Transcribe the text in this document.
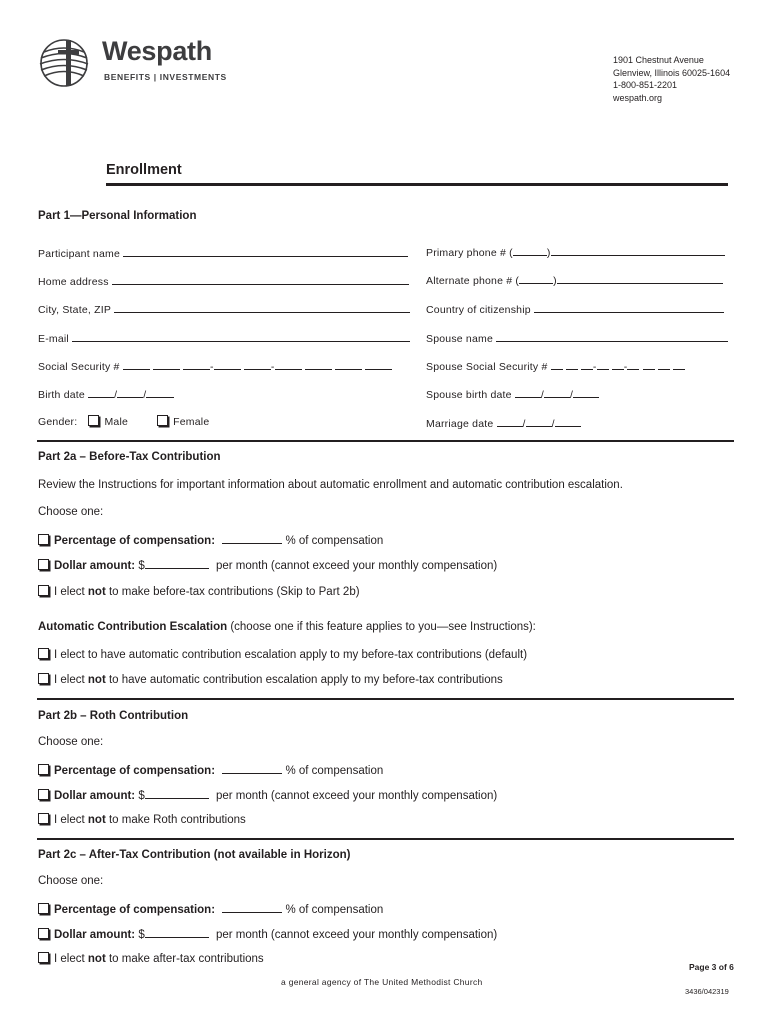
Wespath
BENEFITS | INVESTMENTS
1901 Chestnut Avenue
Glenview, Illinois 60025-1604
1-800-851-2201
wespath.org
Enrollment
Part 1—Personal Information
Participant name
Home address
City, State, ZIP
E-mail
Social Security #	-	-
Birth date	/ /
Gender:	Male	Female
Primary phone # (	)
Alternate phone # (	)
Country of citizenship
Spouse name
Spouse Social Security #	-	-
Spouse birth date	/ /
Marriage date	/ /
Part 2a – Before-Tax Contribution
Review the Instructions for important information about automatic enrollment and automatic contribution escalation.
Choose one:
Percentage of compensation:	% of compensation
Dollar amount: $	per month (cannot exceed your monthly compensation)
I elect not to make before-tax contributions (Skip to Part 2b)
Automatic Contribution Escalation (choose one if this feature applies to you—see Instructions):
I elect to have automatic contribution escalation apply to my before-tax contributions (default)
I elect not to have automatic contribution escalation apply to my before-tax contributions
Part 2b – Roth Contribution
Choose one:
Percentage of compensation:	% of compensation
Dollar amount: $	per month (cannot exceed your monthly compensation)
I elect not to make Roth contributions
Part 2c – After-Tax Contribution (not available in Horizon)
Choose one:
Percentage of compensation:	% of compensation
Dollar amount: $	per month (cannot exceed your monthly compensation)
I elect not to make after-tax contributions
a general agency of The United Methodist Church
Page 3 of 6
3436/042319
